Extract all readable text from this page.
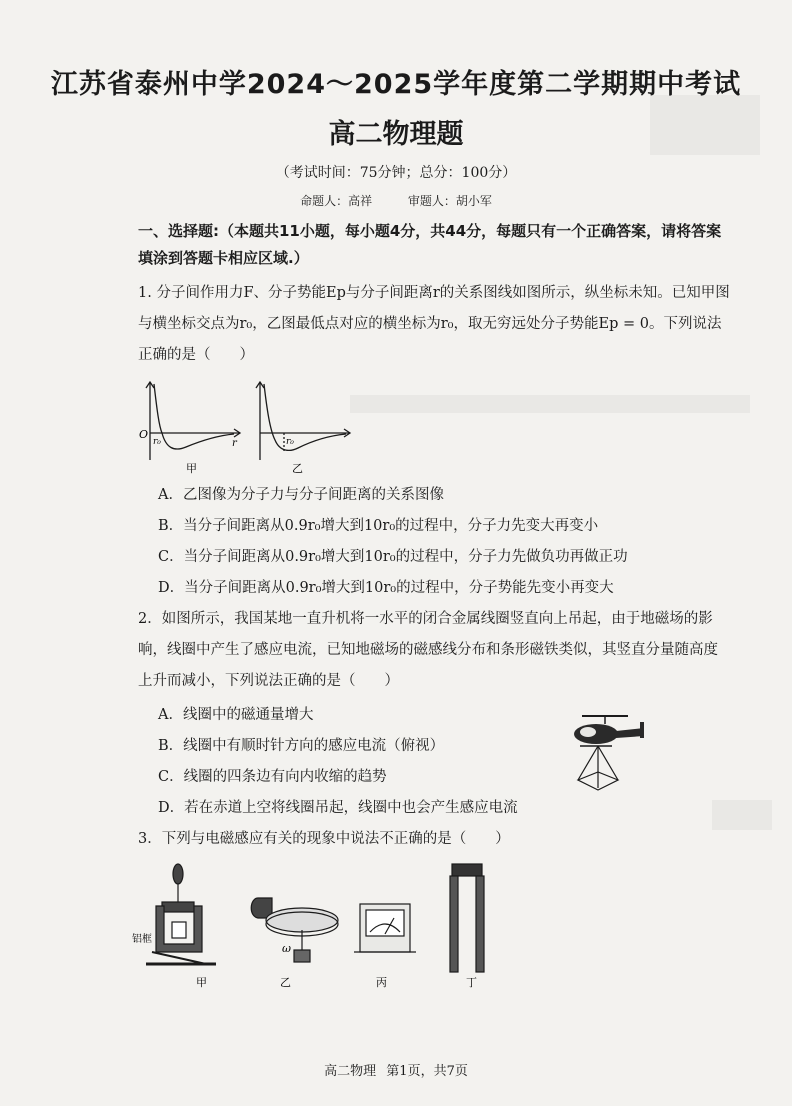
江苏省泰州中学2024～2025学年度第二学期期中考试
高二物理题
（考试时间：75分钟；总分：100分）
命题人：高祥	审题人：胡小军
一、选择题:（本题共11小题，每小题4分，共44分，每题只有一个正确答案，请将答案填涂到答题卡相应区域.）
1. 分子间作用力F、分子势能Ep与分子间距离r的关系图线如图所示，纵坐标未知。已知甲图与横坐标交点为r₀，乙图最低点对应的横坐标为r₀，取无穷远处分子势能Ep = 0。下列说法正确的是（　　）
O
r
r₀
甲
r₀
乙
A．乙图像为分子力与分子间距离的关系图像
B．当分子间距离从0.9r₀增大到10r₀的过程中，分子力先变大再变小
C．当分子间距离从0.9r₀增大到10r₀的过程中，分子力先做负功再做正功
D．当分子间距离从0.9r₀增大到10r₀的过程中，分子势能先变小再变大
2．如图所示，我国某地一直升机将一水平的闭合金属线圈竖直向上吊起，由于地磁场的影响，线圈中产生了感应电流，已知地磁场的磁感线分布和条形磁铁类似，其竖直分量随高度上升而减小，下列说法正确的是（　　）
A．线圈中的磁通量增大
B．线圈中有顺时针方向的感应电流（俯视）
C．线圈的四条边有向内收缩的趋势
D．若在赤道上空将线圈吊起，线圈中也会产生感应电流
3．下列与电磁感应有关的现象中说法不正确的是（　　）
铝框
甲
ω
乙	丙	丁
高二物理 第1页，共7页
